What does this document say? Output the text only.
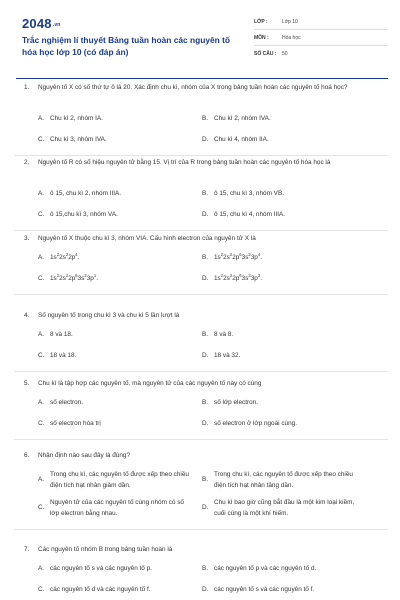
2048.vn
Trắc nghiệm lí thuyết Bảng tuần hoàn các nguyên tố hóa học lớp 10 (có đáp án)
LỚP :	Lớp 10
MÔN :	Hóa học
SỐ CÂU :	50
1. Nguyên tố X có số thứ tự ô là 20. Xác định chu kì, nhóm của X trong bảng tuần hoàn các nguyên tố hoá học?
A. Chu kì 2, nhóm IA.	B. Chu kì 2, nhóm IVA.
C. Chu kì 3, nhóm IVA.	D. Chu kì 4, nhóm IIA.
2. Nguyên tố R có số hiệu nguyên tử bằng 15. Vị trí của R trong bảng tuần hoàn các nguyên tố hóa học là
A. ô 15, chu kì 2, nhóm IIIA.	B. ô 15, chu kì 3, nhóm VB.
C. ô 15,chu kì 3, nhóm VA.	D. ô 15, chu kì 4, nhóm IIIA.
3. Nguyên tố X thuộc chu kì 3, nhóm VIA. Cấu hình electron của nguyên tử X là
A. $1s^22s^22p^4$.	B. $1s^22s^22p^63s^23p^4$.
C. $1s^22s^22p^63s^23p^1$.	D. $1s^22s^22p^63s^23p^3$.
4. Số nguyên tố trong chu kì 3 và chu kì 5 lần lượt là
A. 8 và 18.	B. 8 và 8.
C. 18 và 18.	D. 18 và 32.
5. Chu kì là tập hợp các nguyên tố, mà nguyên tử của các nguyên tố này có cùng
A. số electron.	B. số lớp electron.
C. số electron hóa trị	D. số electron ở lớp ngoài cùng.
6. Nhận định nào sau đây là đúng?
A.
Trong chu kì, các nguyên tố được xếp theo chiều điện tích hạt nhân giảm dần.
B.
Trong chu kì, các nguyên tố được xếp theo chiều điện tích hạt nhân tăng dần.
C.
Nguyên tử của các nguyên tố cùng nhóm có số lớp electron bằng nhau.
D.
Chu kì bao giờ cũng bắt đầu là một kim loại kiềm, cuối cùng là một khí hiếm.
7. Các nguyên tố nhóm B trong bảng tuần hoàn là
A. các nguyên tố s và các nguyên tố p.	B. các nguyên tố p và các nguyên tố d.
C. các nguyên tố d và các nguyên tố f.	D. các nguyên tố s và các nguyên tố f.
